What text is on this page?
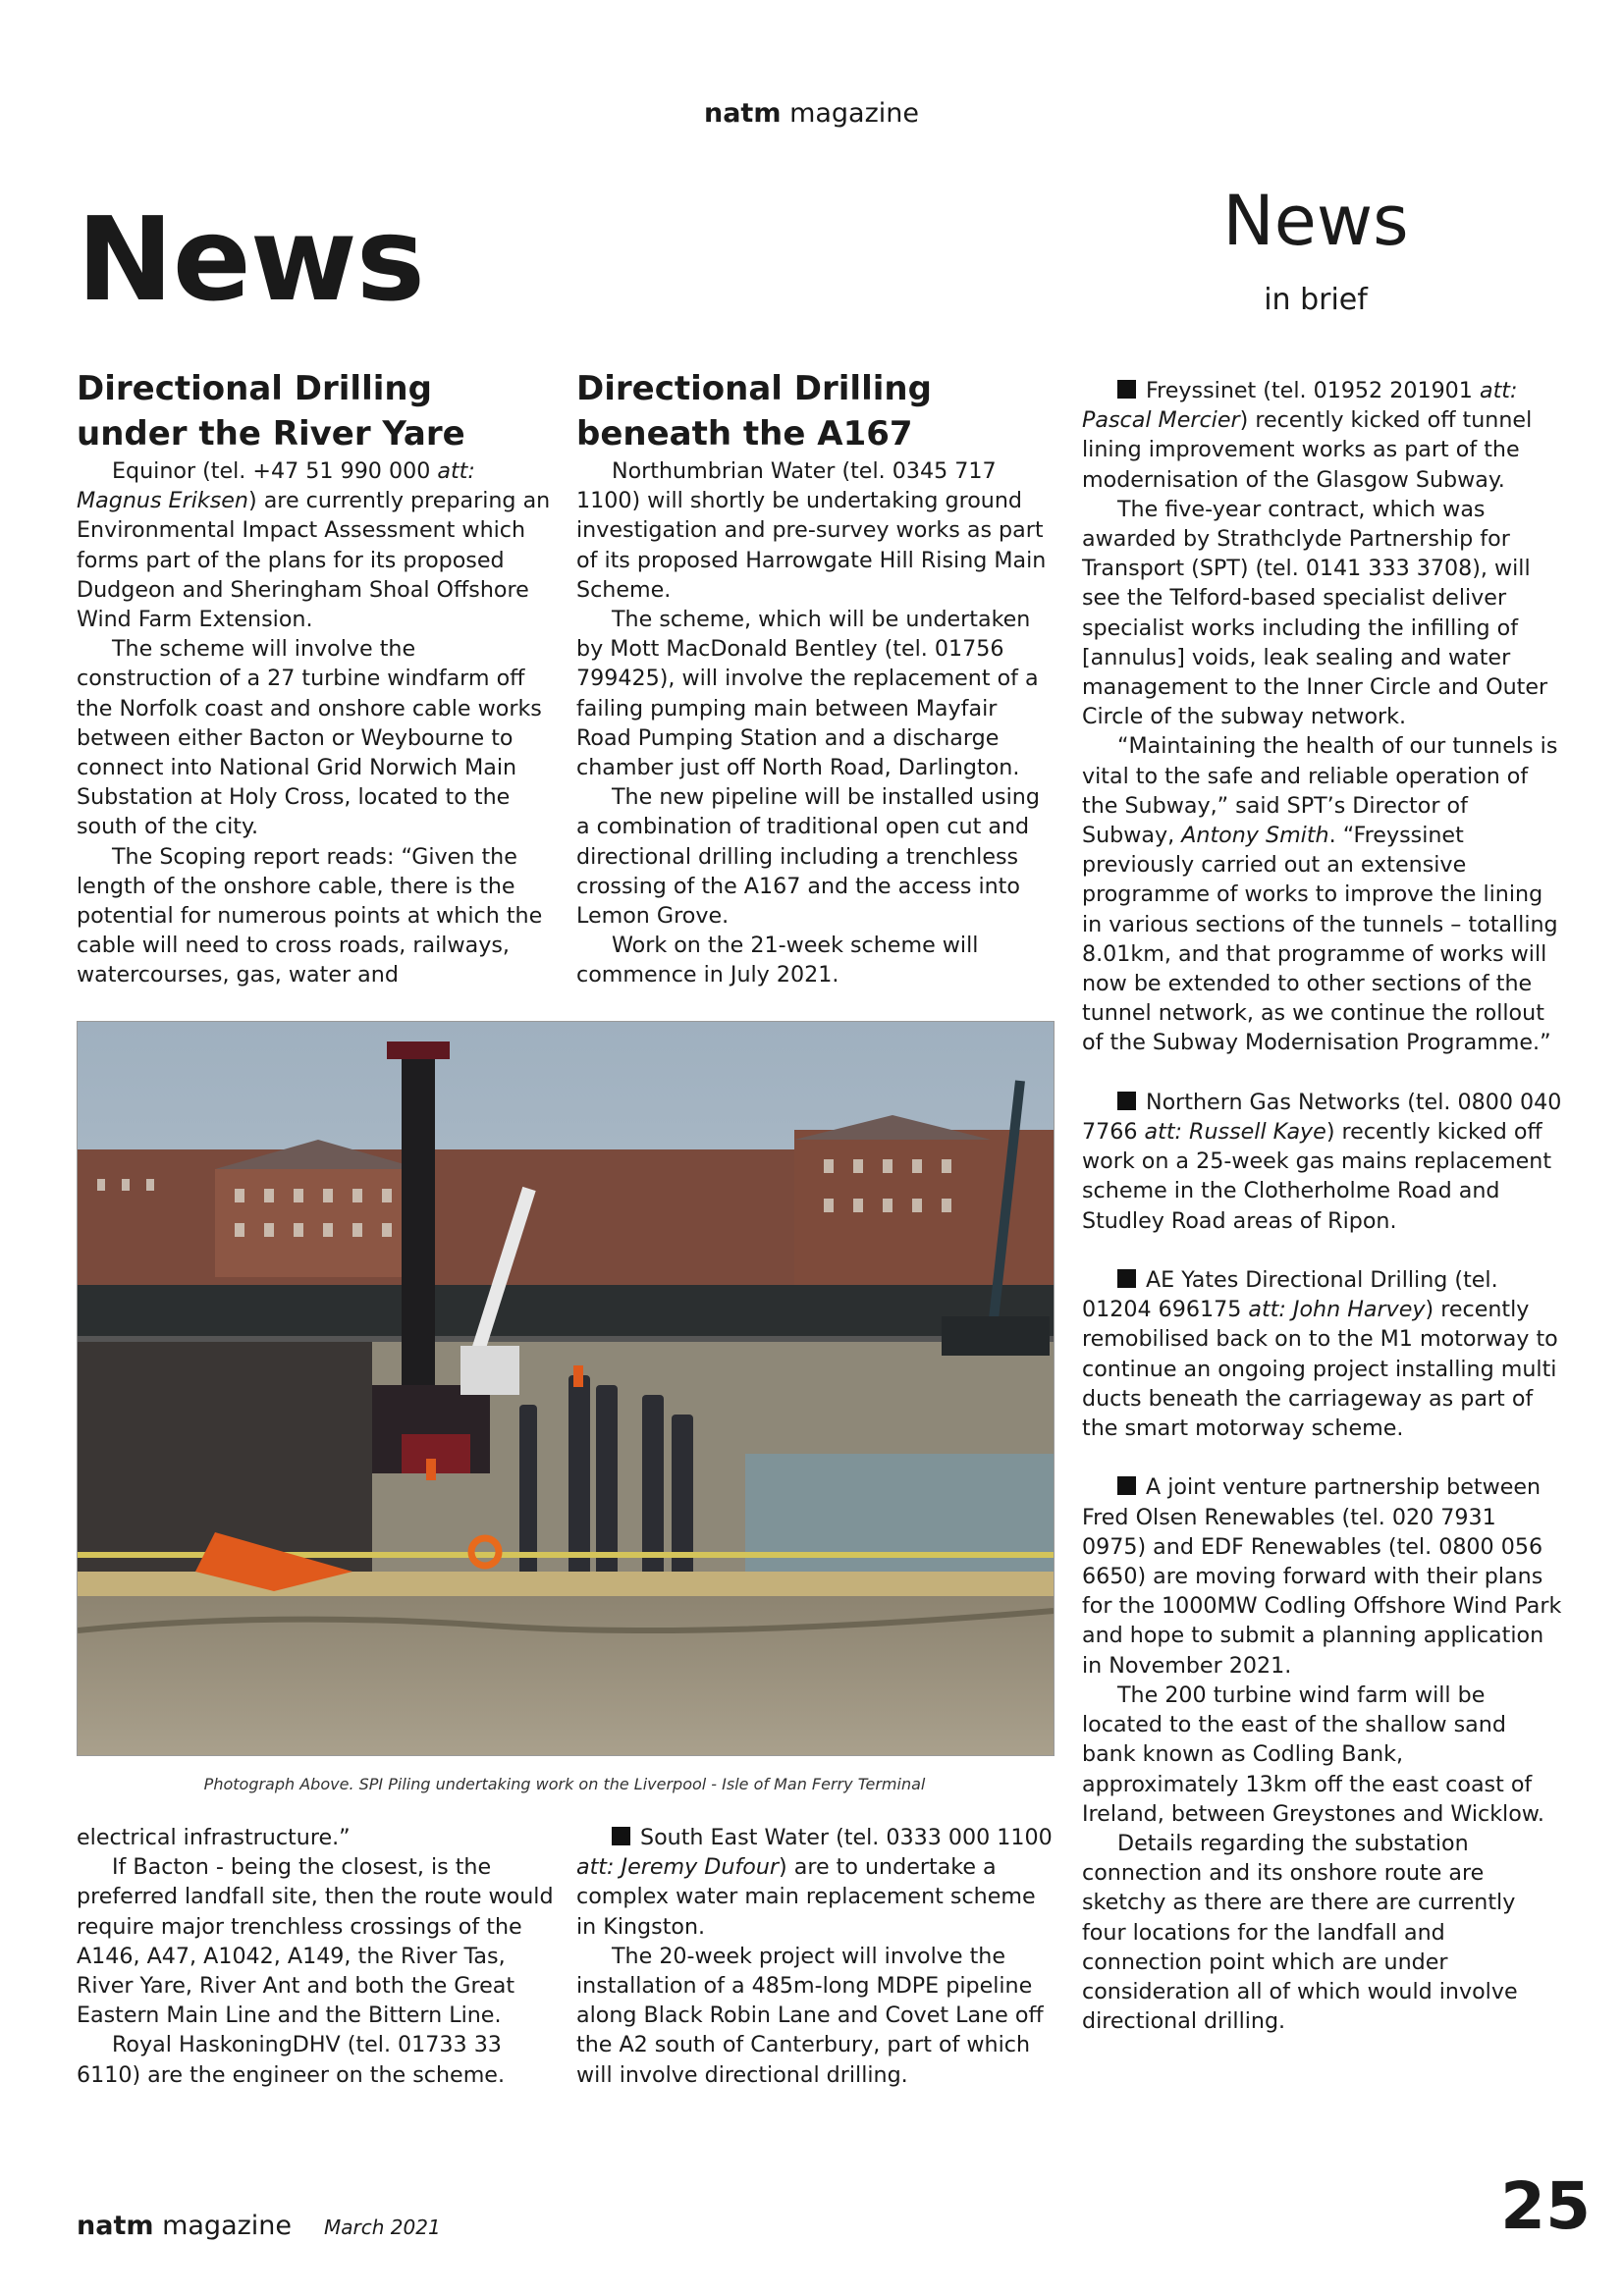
natm magazine
News	News
in brief
Directional Drilling
under the River Yare

Equinor (tel. +47 51 990 000 att: Magnus Eriksen) are currently preparing an Environmental Impact Assessment which forms part of the plans for its proposed Dudgeon and Sheringham Shoal Offshore Wind Farm Extension.

The scheme will involve the construction of a 27 turbine windfarm off the Norfolk coast and onshore cable works between either Bacton or Weybourne to connect into National Grid Norwich Main Substation at Holy Cross, located to the south of the city.

The Scoping report reads: “Given the length of the onshore cable, there is the potential for numerous points at which the cable will need to cross roads, railways, watercourses, gas, water and

Directional Drilling
beneath the A167

Northumbrian Water (tel. 0345 717 1100) will shortly be undertaking ground investigation and pre-survey works as part of its proposed Harrowgate Hill Rising Main Scheme.

The scheme, which will be undertaken by Mott MacDonald Bentley (tel. 01756 799425), will involve the replacement of a failing pumping main between Mayfair Road Pumping Station and a discharge chamber just off North Road, Darlington.

The new pipeline will be installed using a combination of traditional open cut and directional drilling including a trenchless crossing of the A167 and the access into Lemon Grove.

Work on the 21-week scheme will commence in July 2021.

Photograph Above. SPI Piling undertaking work on the Liverpool - Isle of Man Ferry Terminal

electrical infrastructure.”

If Bacton - being the closest, is the preferred landfall site, then the route would require major trenchless crossings of the A146, A47, A1042, A149, the River Tas, River Yare, River Ant and both the Great Eastern Main Line and the Bittern Line.

Royal HaskoningDHV (tel. 01733 33 6110) are the engineer on the scheme.

South East Water (tel. 0333 000 1100 att: Jeremy Dufour) are to undertake a complex water main replacement scheme in Kingston.

The 20-week project will involve the installation of a 485m-long MDPE pipeline along Black Robin Lane and Covet Lane off the A2 south of Canterbury, part of which will involve directional drilling.

Freyssinet (tel. 01952 201901 att: Pascal Mercier) recently kicked off tunnel lining improvement works as part of the modernisation of the Glasgow Subway.

The five-year contract, which was awarded by Strathclyde Partnership for Transport (SPT) (tel. 0141 333 3708), will see the Telford-based specialist deliver specialist works including the infilling of [annulus] voids, leak sealing and water management to the Inner Circle and Outer Circle of the subway network.

“Maintaining the health of our tunnels is vital to the safe and reliable operation of the Subway,” said SPT’s Director of Subway, Antony Smith. “Freyssinet previously carried out an extensive programme of works to improve the lining in various sections of the tunnels – totalling 8.01km, and that programme of works will now be extended to other sections of the tunnel network, as we continue the rollout of the Subway Modernisation Programme.”

Northern Gas Networks (tel. 0800 040 7766 att: Russell Kaye) recently kicked off work on a 25-week gas mains replacement scheme in the Clotherholme Road and Studley Road areas of Ripon.

AE Yates Directional Drilling (tel. 01204 696175 att: John Harvey) recently remobilised back on to the M1 motorway to continue an ongoing project installing multi ducts beneath the carriageway as part of the smart motorway scheme.

A joint venture partnership between Fred Olsen Renewables (tel. 020 7931 0975) and EDF Renewables (tel. 0800 056 6650) are moving forward with their plans for the 1000MW Codling Offshore Wind Park and hope to submit a planning application in November 2021.

The 200 turbine wind farm will be located to the east of the shallow sand bank known as Codling Bank, approximately 13km off the east coast of Ireland, between Greystones and Wicklow.

Details regarding the substation connection and its onshore route are sketchy as there are there are currently four locations for the landfall and connection point which are under consideration all of which would involve directional drilling.

natm magazine March 2021	25
